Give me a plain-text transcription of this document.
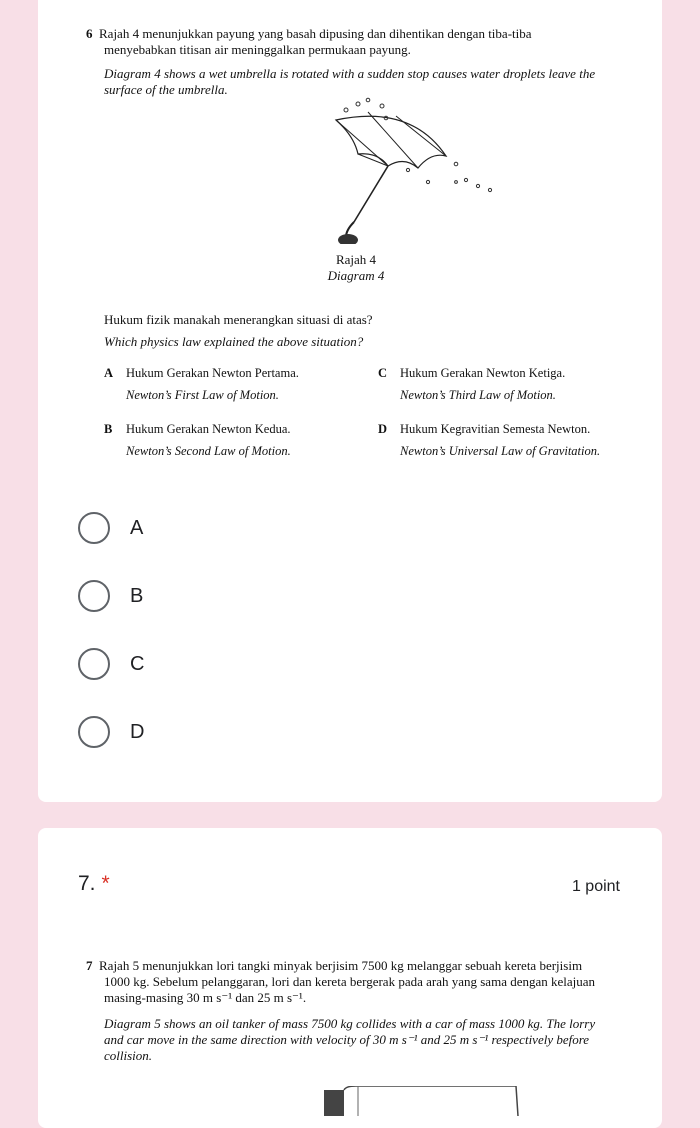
6 Rajah 4 menunjukkan payung yang basah dipusing dan dihentikan dengan tiba-tiba
menyebabkan titisan air meninggalkan permukaan payung.
Diagram 4 shows a wet umbrella is rotated with a sudden stop causes water droplets leave the
surface of the umbrella.
Rajah 4
Diagram 4
Hukum fizik manakah menerangkan situasi di atas?
Which physics law explained the above situation?
A Hukum Gerakan Newton Pertama.
Newton’s First Law of Motion.
C Hukum Gerakan Newton Ketiga.
Newton’s Third Law of Motion.
B Hukum Gerakan Newton Kedua.
Newton’s Second Law of Motion.
D Hukum Kegravitian Semesta Newton.
Newton’s Universal Law of Gravitation.
A
B
C
D
7. *	1 point
7 Rajah 5 menunjukkan lori tangki minyak berjisim 7500 kg melanggar sebuah kereta berjisim
1000 kg. Sebelum pelanggaran, lori dan kereta bergerak pada arah yang sama dengan kelajuan
masing-masing 30 m s⁻¹ dan 25 m s⁻¹.
Diagram 5 shows an oil tanker of mass 7500 kg collides with a car of mass 1000 kg. The lorry
and car move in the same direction with velocity of 30 m s⁻¹ and 25 m s⁻¹ respectively before
collision.
